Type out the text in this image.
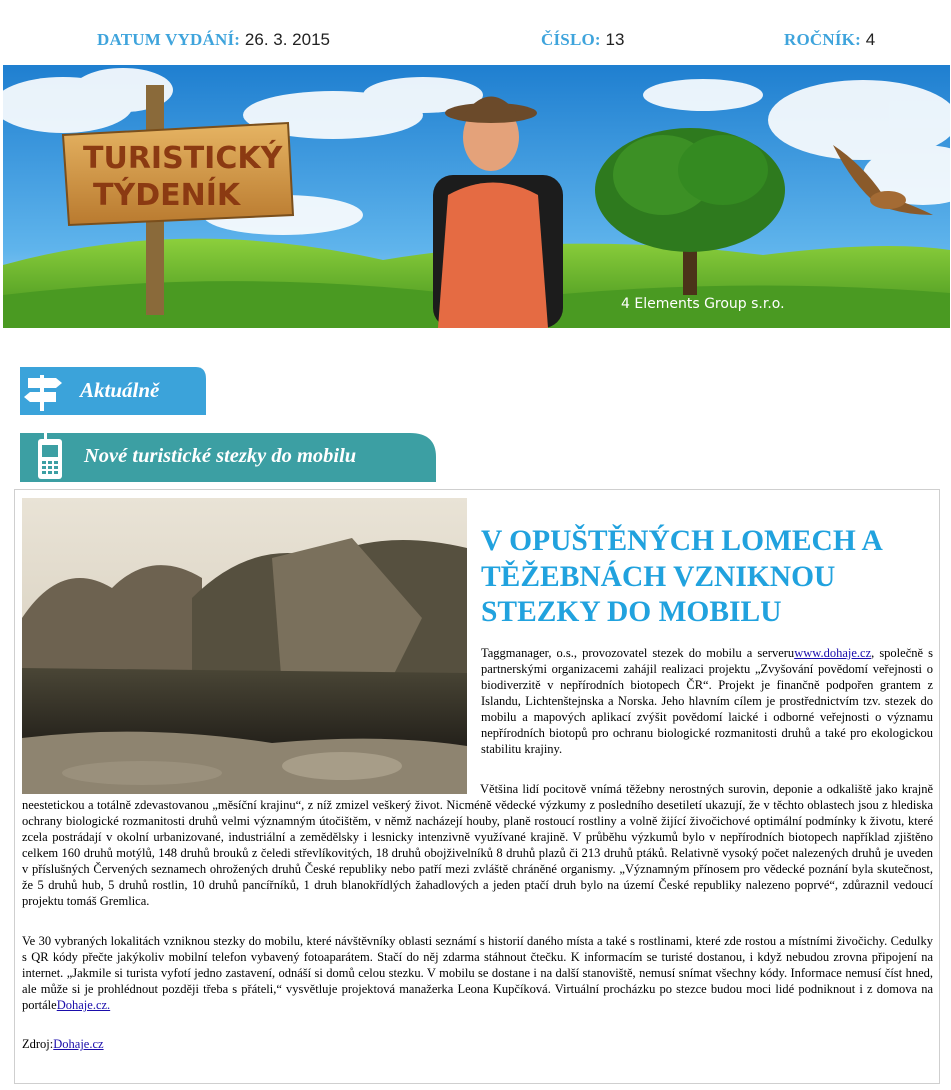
DATUM VYDÁNÍ: 26. 3. 2015	ČÍSLO: 13	ROČNÍK: 4
TURISTICKÝ
TÝDENÍK
4 Elements Group s.r.o.
Aktuálně
Nové turistické stezky do mobilu
V OPUŠTĚNÝCH LOMECH A TĚŽEBNÁCH VZNIKNOU STEZKY DO MOBILU

Taggmanager, o.s., provozovatel stezek do mobilu a serveruwww.dohaje.cz, společně s partnerskými organizacemi zahájil realizaci projektu „Zvyšování povědomí veřejnosti o biodiverzitě v nepřírodních biotopech ČR“. Projekt je finančně podpořen grantem z Islandu, Lichtenštejnska a Norska. Jeho hlavním cílem je prostřednictvím tzv. stezek do mobilu a mapových aplikací zvýšit povědomí laické i odborné veřejnosti o významu nepřírodních biotopů pro ochranu biologické rozmanitosti druhů a také pro ekologickou stabilitu krajiny.

Většina lidí pocitově vnímá těžebny nerostných surovin, deponie a odkaliště jako krajně neestetickou a totálně zdevastovanou „měsíční krajinu“, z níž zmizel veškerý život. Nicméně vědecké výzkumy z posledního desetiletí ukazují, že v těchto oblastech jsou z hlediska ochrany biologické rozmanitosti druhů velmi významným útočištěm, v němž nacházejí houby, planě rostoucí rostliny a volně žijící živočichové optimální podmínky k životu, které zcela postrádají v okolní urbanizované, industriální a zemědělsky i lesnicky intenzivně využívané krajině. V průběhu výzkumů bylo v nepřírodních biotopech například zjištěno celkem 160 druhů motýlů, 148 druhů brouků z čeledi střevlíkovitých, 18 druhů obojživelníků 8 druhů plazů či 213 druhů ptáků. Relativně vysoký počet nalezených druhů je uveden v příslušných Červených seznamech ohrožených druhů České republiky nebo patří mezi zvláště chráněné organismy. „Významným přínosem pro vědecké poznání byla skutečnost, že 5 druhů hub, 5 druhů rostlin, 10 druhů pancířníků, 1 druh blanokřídlých žahadlových a jeden ptačí druh bylo na území České republiky nalezeno poprvé“, zdůraznil vedoucí projektu tomáš Gremlica.

Ve 30 vybraných lokalitách vzniknou stezky do mobilu, které návštěvníky oblasti seznámí s historií daného místa a také s rostlinami, které zde rostou a místními živočichy. Cedulky s QR kódy přečte jakýkoliv mobilní telefon vybavený fotoaparátem. Stačí do něj zdarma stáhnout čtečku. K informacím se turisté dostanou, i když nebudou zrovna připojení na internet. „Jakmile si turista vyfotí jedno zastavení, odnáší si domů celou stezku. V mobilu se dostane i na další stanoviště, nemusí snímat všechny kódy. Informace nemusí číst hned, ale může si je prohlédnout později třeba s přáteli,“ vysvětluje projektová manažerka Leona Kupčíková. Virtuální procházku po stezce budou moci lidé podniknout i z domova na portáleDohaje.cz.

Zdroj:Dohaje.cz
